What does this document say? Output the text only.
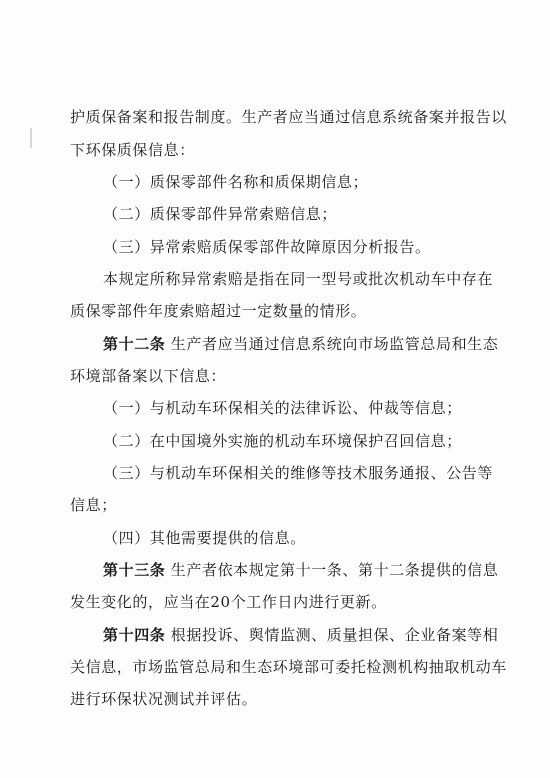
护质保备案和报告制度。生产者应当通过信息系统备案并报告以
下环保质保信息：
（一）质保零部件名称和质保期信息；
（二）质保零部件异常索赔信息；
（三）异常索赔质保零部件故障原因分析报告。
本规定所称异常索赔是指在同一型号或批次机动车中存在
质保零部件年度索赔超过一定数量的情形。
第十二条 生产者应当通过信息系统向市场监管总局和生态
环境部备案以下信息：
（一）与机动车环保相关的法律诉讼、仲裁等信息；
（二）在中国境外实施的机动车环境保护召回信息；
（三）与机动车环保相关的维修等技术服务通报、公告等
信息；
（四）其他需要提供的信息。
第十三条 生产者依本规定第十一条、第十二条提供的信息
发生变化的，应当在20个工作日内进行更新。
第十四条 根据投诉、舆情监测、质量担保、企业备案等相
关信息，市场监管总局和生态环境部可委托检测机构抽取机动车
进行环保状况测试并评估。
